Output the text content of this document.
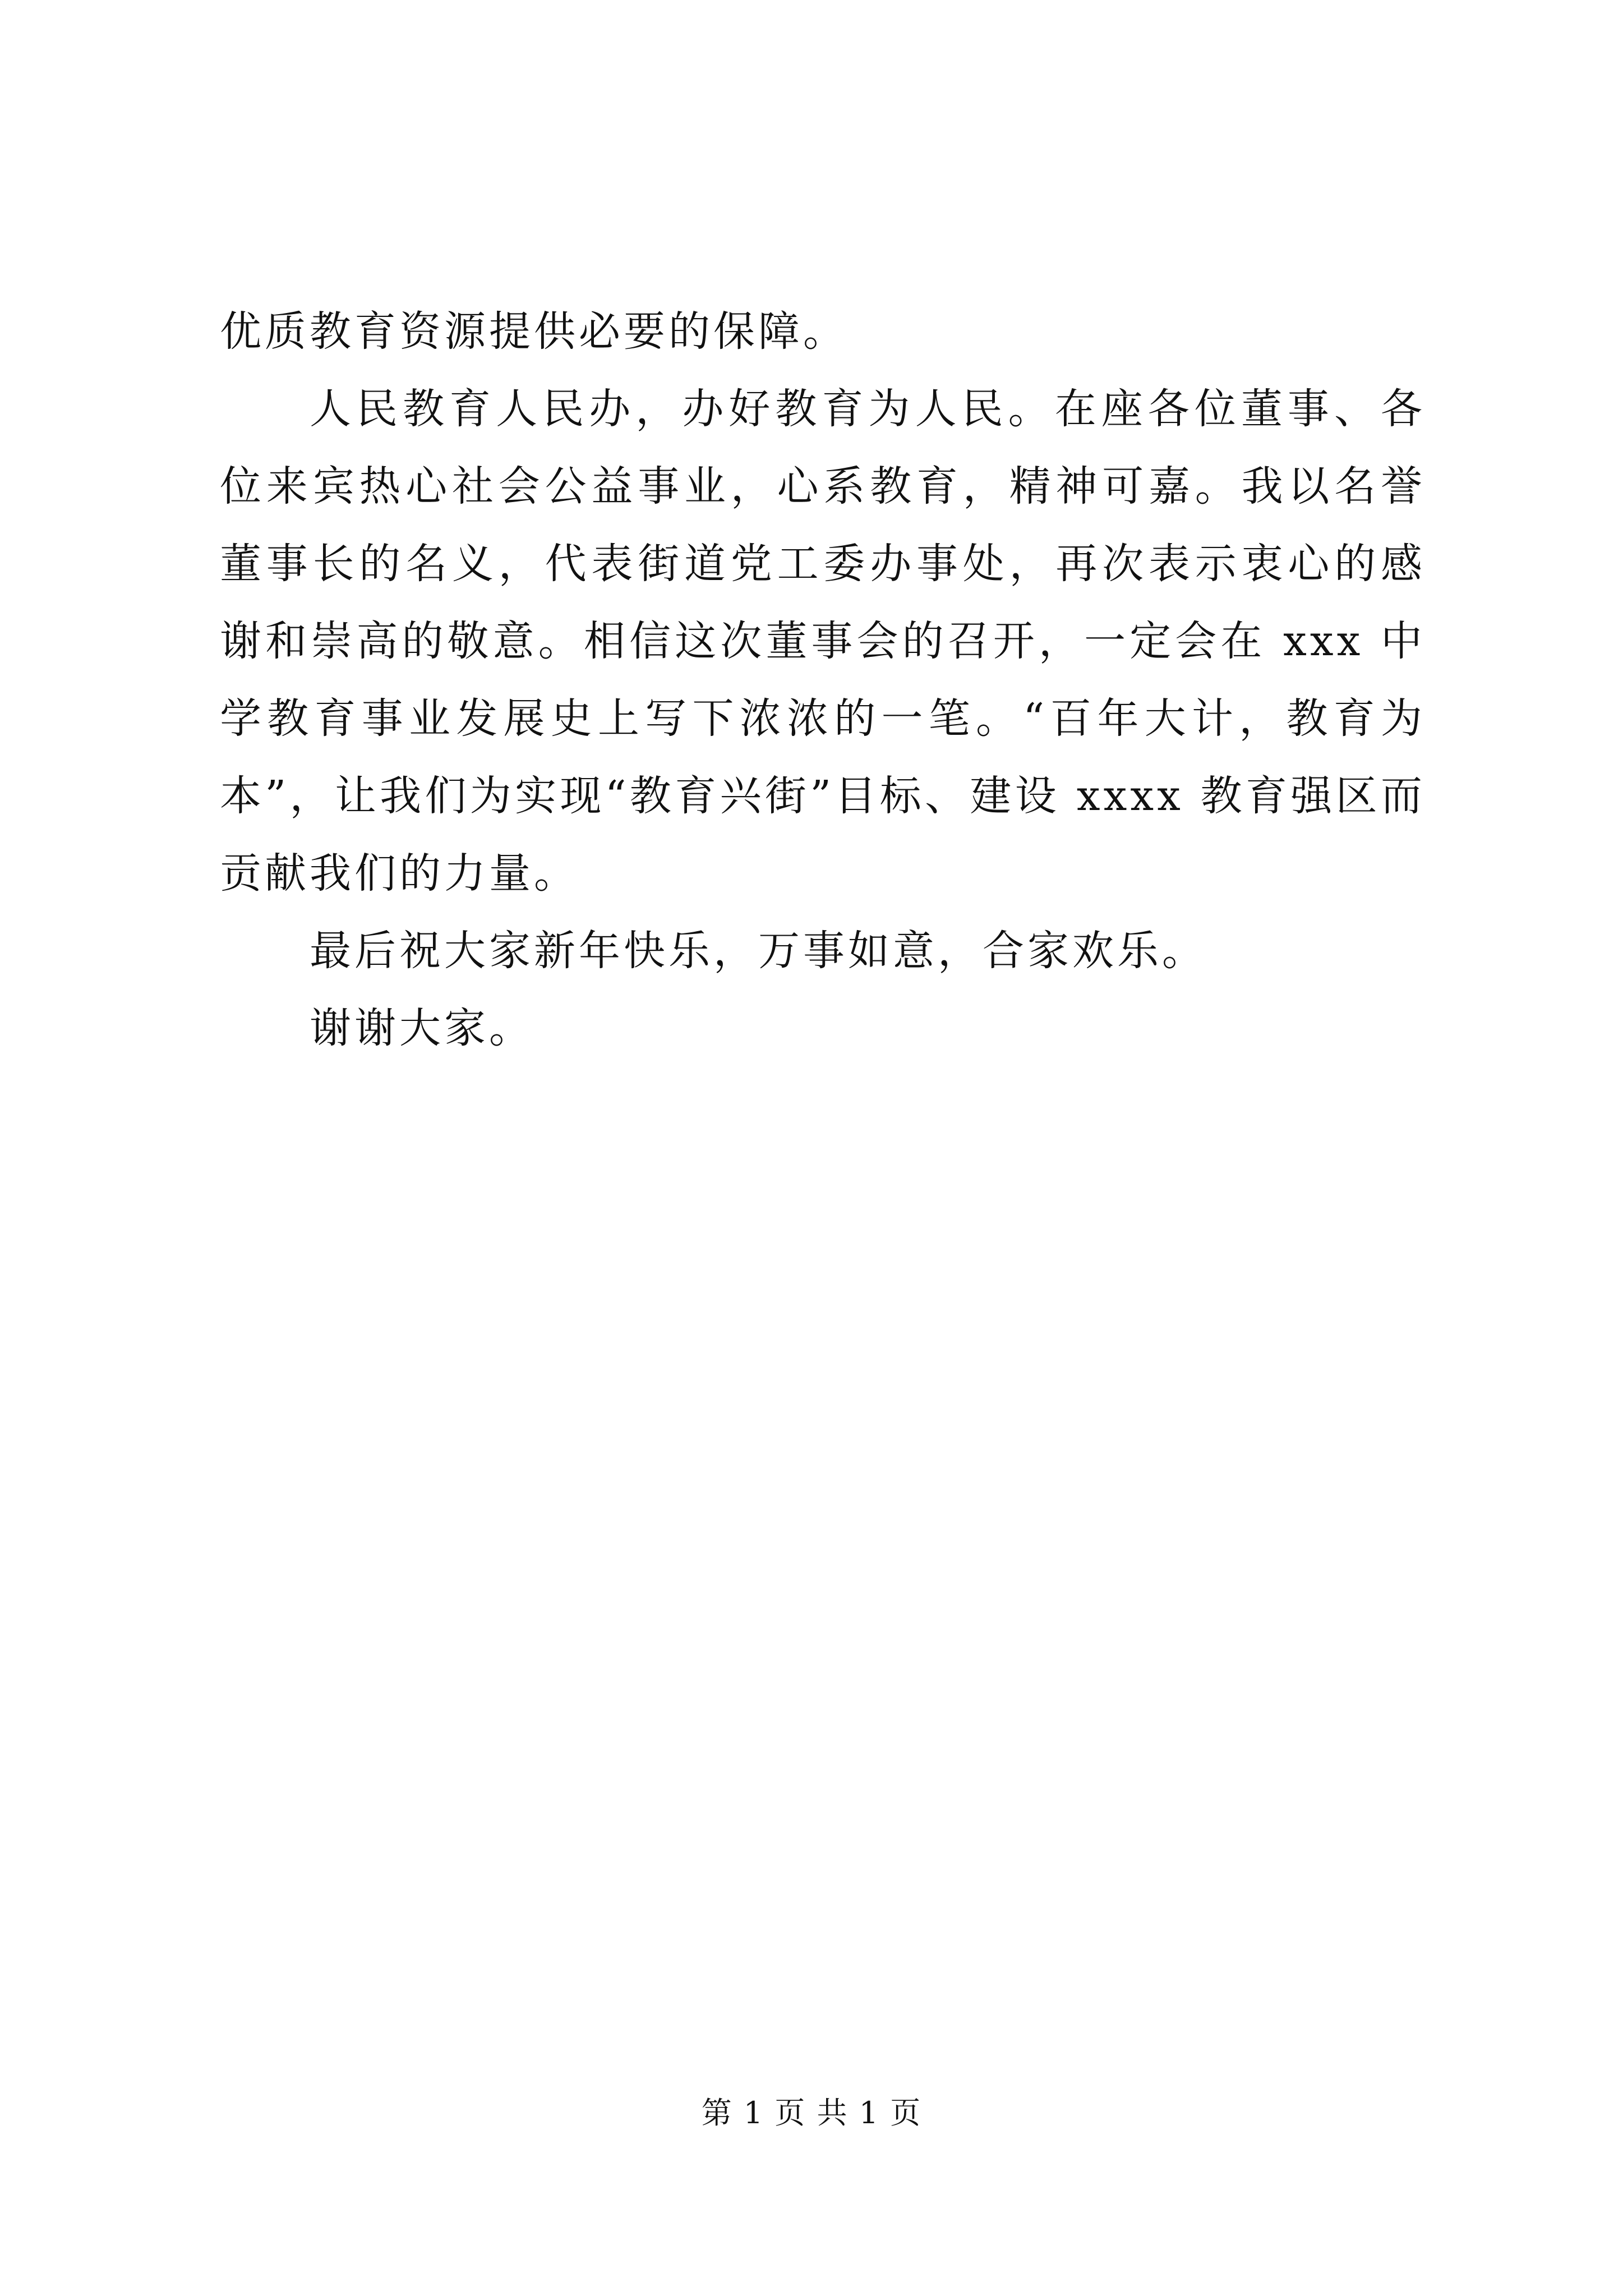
优质教育资源提供必要的保障。

人民教育人民办，办好教育为人民。在座各位董事、各位来宾热心社会公益事业，心系教育，精神可嘉。我以名誉董事长的名义，代表街道党工委办事处，再次表示衷心的感谢和崇高的敬意。相信这次董事会的召开，一定会在 xxx 中学教育事业发展史上写下浓浓的一笔。“百年大计，教育为本”，让我们为实现“教育兴街”目标、建设 xxxx 教育强区而贡献我们的力量。

最后祝大家新年快乐，万事如意，合家欢乐。

谢谢大家。

第 1 页 共 1 页
